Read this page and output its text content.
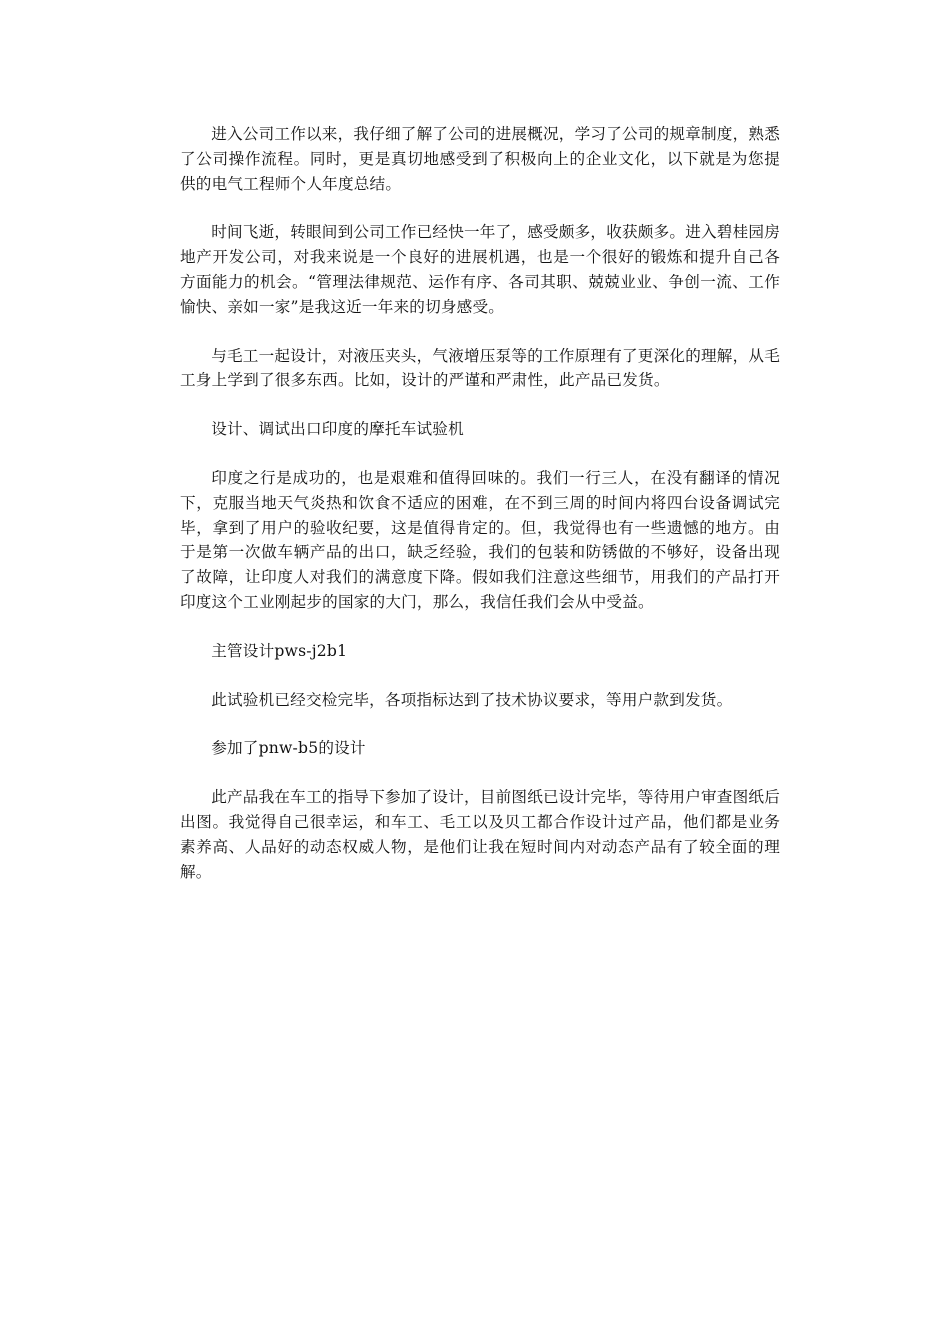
进入公司工作以来，我仔细了解了公司的进展概况，学习了公司的规章制度，熟悉了公司操作流程。同时，更是真切地感受到了积极向上的企业文化，以下就是为您提供的电气工程师个人年度总结。

时间飞逝，转眼间到公司工作已经快一年了，感受颇多，收获颇多。进入碧桂园房地产开发公司，对我来说是一个良好的进展机遇，也是一个很好的锻炼和提升自己各方面能力的机会。“管理法律规范、运作有序、各司其职、兢兢业业、争创一流、工作愉快、亲如一家”是我这近一年来的切身感受。

与毛工一起设计，对液压夹头，气液增压泵等的工作原理有了更深化的理解，从毛工身上学到了很多东西。比如，设计的严谨和严肃性，此产品已发货。

设计、调试出口印度的摩托车试验机

印度之行是成功的，也是艰难和值得回味的。我们一行三人，在没有翻译的情况下，克服当地天气炎热和饮食不适应的困难，在不到三周的时间内将四台设备调试完毕，拿到了用户的验收纪要，这是值得肯定的。但，我觉得也有一些遗憾的地方。由于是第一次做车辆产品的出口，缺乏经验，我们的包装和防锈做的不够好，设备出现了故障，让印度人对我们的满意度下降。假如我们注意这些细节，用我们的产品打开印度这个工业刚起步的国家的大门，那么，我信任我们会从中受益。

主管设计pws-j2b1

此试验机已经交检完毕，各项指标达到了技术协议要求，等用户款到发货。

参加了pnw-b5的设计

此产品我在车工的指导下参加了设计，目前图纸已设计完毕，等待用户审查图纸后出图。我觉得自己很幸运，和车工、毛工以及贝工都合作设计过产品，他们都是业务素养高、人品好的动态权威人物，是他们让我在短时间内对动态产品有了较全面的理解。
